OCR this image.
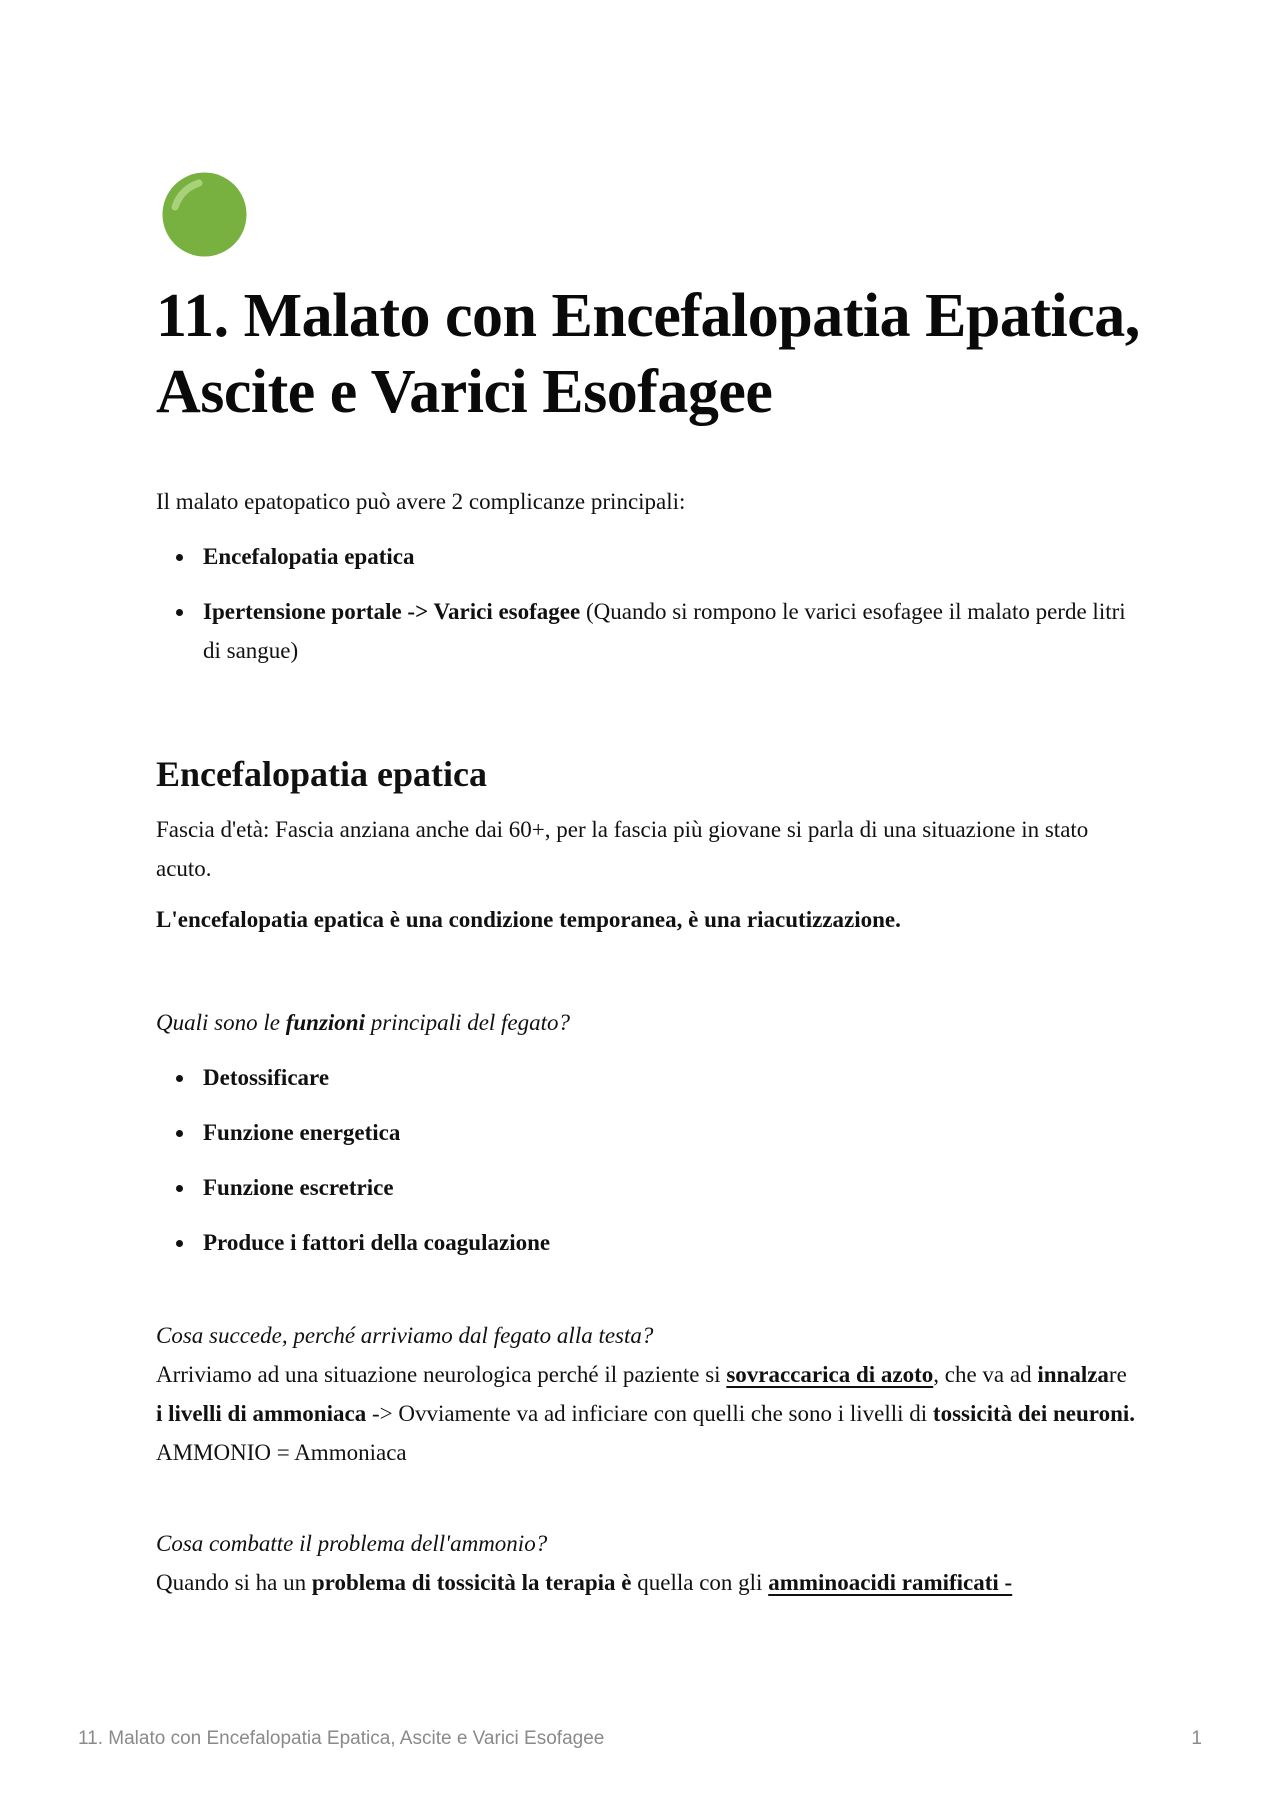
11. Malato con Encefalopatia Epatica, Ascite e Varici Esofagee

Il malato epatopatico può avere 2 complicanze principali:

Encefalopatia epatica
Ipertensione portale -> Varici esofagee (Quando si rompono le varici esofagee il malato perde litri di sangue)
Encefalopatia epatica

Fascia d'età: Fascia anziana anche dai 60+, per la fascia più giovane si parla di una situazione in stato acuto.

L'encefalopatia epatica è una condizione temporanea, è una riacutizzazione.

Quali sono le funzioni principali del fegato?

Detossificare
Funzione energetica
Funzione escretrice
Produce i fattori della coagulazione

Cosa succede, perché arriviamo dal fegato alla testa?

Arriviamo ad una situazione neurologica perché il paziente si sovraccarica di azoto, che va ad innalzare i livelli di ammoniaca -> Ovviamente va ad inficiare con quelli che sono i livelli di tossicità dei neuroni.

AMMONIO = Ammoniaca

Cosa combatte il problema dell'ammonio?

Quando si ha un problema di tossicità la terapia è quella con gli amminoacidi ramificati -

11. Malato con Encefalopatia Epatica, Ascite e Varici Esofagee	1
